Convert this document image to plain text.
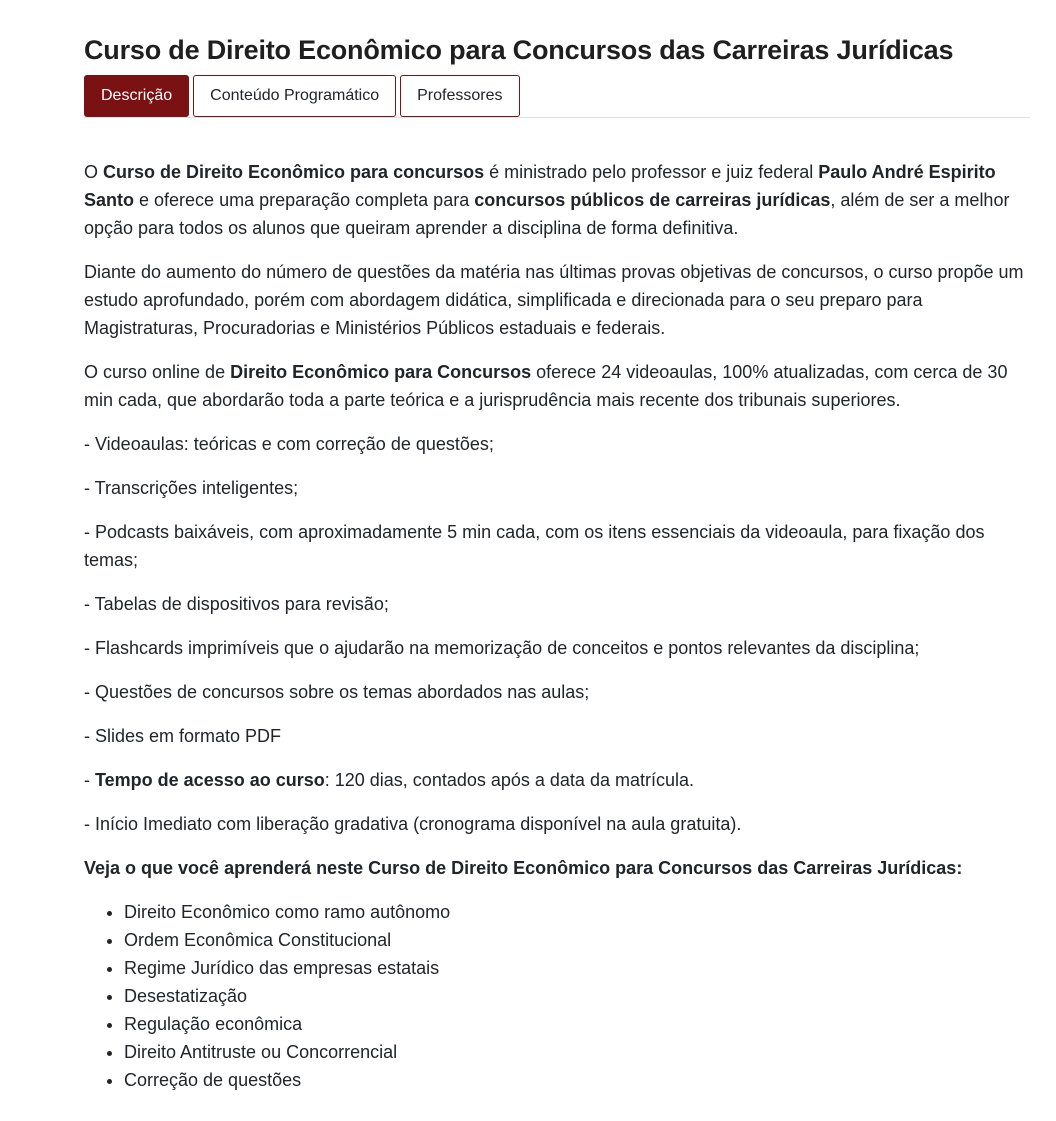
Curso de Direito Econômico para Concursos das Carreiras Jurídicas
Descrição	Conteúdo Programático	Professores

O Curso de Direito Econômico para concursos é ministrado pelo professor e juiz federal Paulo André Espirito Santo e oferece uma preparação completa para concursos públicos de carreiras jurídicas, além de ser a melhor opção para todos os alunos que queiram aprender a disciplina de forma definitiva.

Diante do aumento do número de questões da matéria nas últimas provas objetivas de concursos, o curso propõe um estudo aprofundado, porém com abordagem didática, simplificada e direcionada para o seu preparo para Magistraturas, Procuradorias e Ministérios Públicos estaduais e federais.

O curso online de Direito Econômico para Concursos oferece 24 videoaulas, 100% atualizadas, com cerca de 30 min cada, que abordarão toda a parte teórica e a jurisprudência mais recente dos tribunais superiores.

- Videoaulas: teóricas e com correção de questões;

- Transcrições inteligentes;

- Podcasts baixáveis, com aproximadamente 5 min cada, com os itens essenciais da videoaula, para fixação dos temas;

- Tabelas de dispositivos para revisão;

- Flashcards imprimíveis que o ajudarão na memorização de conceitos e pontos relevantes da disciplina;

- Questões de concursos sobre os temas abordados nas aulas;

- Slides em formato PDF

- Tempo de acesso ao curso: 120 dias, contados após a data da matrícula.

- Início Imediato com liberação gradativa (cronograma disponível na aula gratuita).

Veja o que você aprenderá neste Curso de Direito Econômico para Concursos das Carreiras Jurídicas:

• Direito Econômico como ramo autônomo
• Ordem Econômica Constitucional
• Regime Jurídico das empresas estatais
• Desestatização
• Regulação econômica
• Direito Antitruste ou Concorrencial
• Correção de questões
